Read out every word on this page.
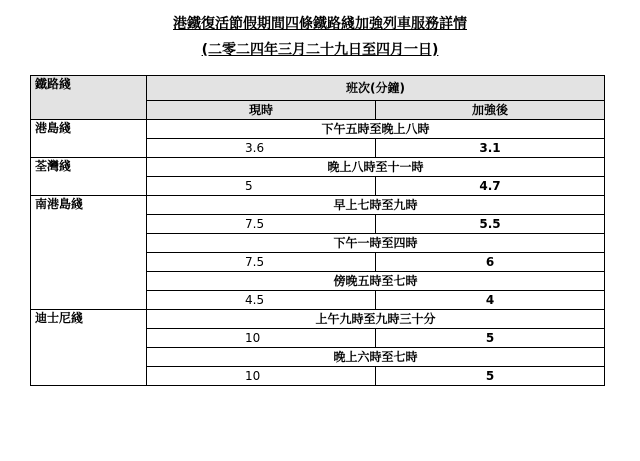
港鐵復活節假期間四條鐵路綫加強列車服務詳情
(二零二四年三月二十九日至四月一日)
鐵路綫	班次(分鐘)	
	現時	加強後
港島綫	下午五時至晚上八時	
	3.6	3.1
荃灣綫	晚上八時至十一時	
	5	4.7
南港島綫	早上七時至九時	
	7.5	5.5
	下午一時至四時	
	7.5	6
	傍晚五時至七時	
	4.5	4
迪士尼綫	上午九時至九時三十分	
	10	5
	晚上六時至七時	
	10	5
